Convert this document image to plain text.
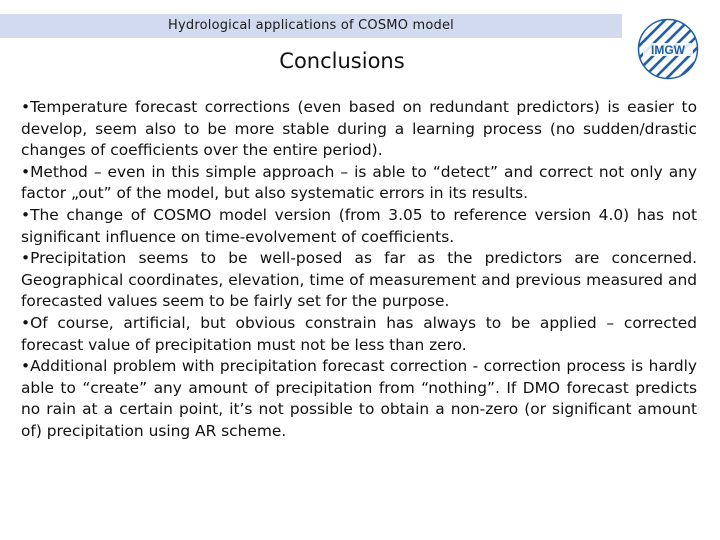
Hydrological applications of COSMO model
IMGW
Conclusions
•Temperature forecast corrections (even based on redundant predictors) is easier to develop, seem also to be more stable during a learning process (no sudden/drastic changes of coefficients over the entire period).
•Method – even in this simple approach – is able to “detect” and correct not only any factor „out” of the model, but also systematic errors in its results.
•The change of COSMO model version (from 3.05 to reference version 4.0) has not significant influence on time-evolvement of coefficients.
•Precipitation seems to be well-posed as far as the predictors are concerned. Geographical coordinates, elevation, time of measurement and previous measured and forecasted values seem to be fairly set for the purpose.
•Of course, artificial, but obvious constrain has always to be applied – corrected forecast value of precipitation must not be less than zero.
•Additional problem with precipitation forecast correction - correction process is hardly able to “create” any amount of precipitation from “nothing”. If DMO forecast predicts no rain at a certain point, it’s not possible to obtain a non-zero (or significant amount of) precipitation using AR scheme.
